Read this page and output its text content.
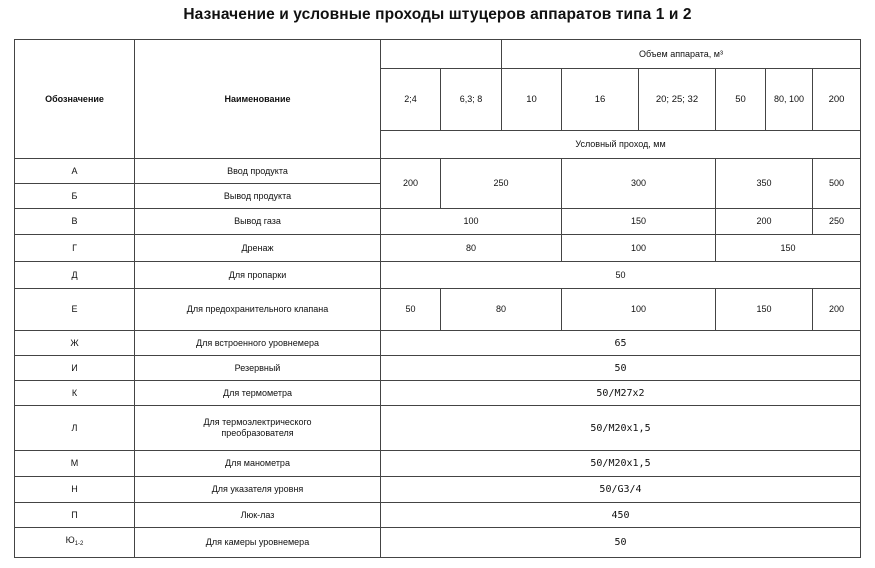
Назначение и условные проходы штуцеров аппаратов типа 1 и 2
Обозначение	Наименование			Объем аппарата, м³					
		2;4	6,3; 8	10	16	20; 25; 32	50	80, 100	200
		Условный проход, мм							
А	Ввод продукта	200	250		300		350		500
Б	Вывод продукта								
В	Вывод газа	100			150		200		250
Г	Дренаж	80			100		150		
Д	Для пропарки	50							
Е	Для предохранительного клапана	50	80		100		150		200
Ж	Для встроенного уровнемера	65							
И	Резервный	50							
К	Для термометра	50/М27х2							
Л	Для термоэлектрического преобразователя	50/М20х1,5							
М	Для манометра	50/М20х1,5							
Н	Для указателя уровня	50/G3/4							
П	Люк-лаз	450							
$Ю_{1-2}$	Для камеры уровнемера	50							
